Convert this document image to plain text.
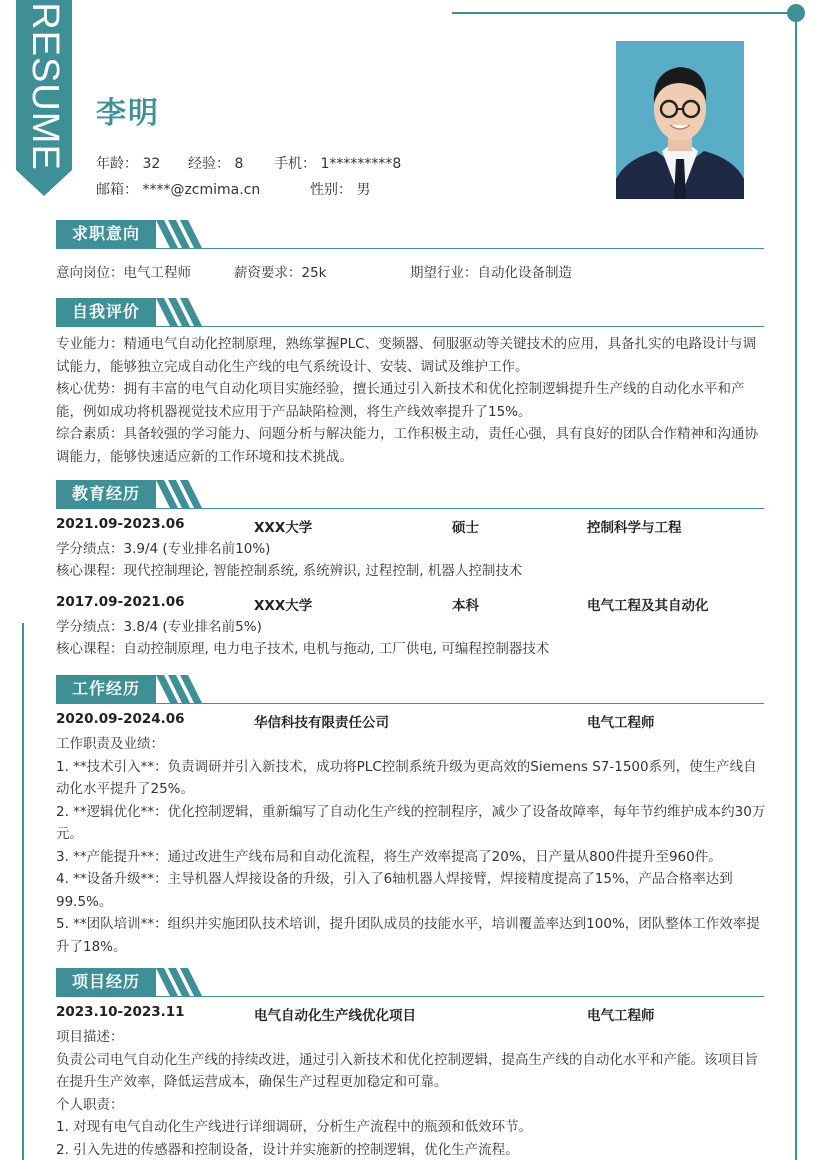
RESUME 李明
年龄： 32 经验： 8 手机： 1*********8
邮箱： ****@zcmima.cn	性别： 男
求职意向
意向岗位：电气工程师	薪资要求：25k	期望行业：自动化设备制造
自我评价

专业能力：精通电气自动化控制原理，熟练掌握PLC、变频器、伺服驱动等关键技术的应用，具备扎实的电路设计与调试能力，能够独立完成自动化生产线的电气系统设计、安装、调试及维护工作。

核心优势：拥有丰富的电气自动化项目实施经验，擅长通过引入新技术和优化控制逻辑提升生产线的自动化水平和产能，例如成功将机器视觉技术应用于产品缺陷检测，将生产线效率提升了15%。

综合素质：具备较强的学习能力、问题分析与解决能力，工作积极主动，责任心强，具有良好的团队合作精神和沟通协调能力，能够快速适应新的工作环境和技术挑战。

教育经历
2021.09-2023.06	XXX大学	硕士	控制科学与工程
学分绩点：3.9/4 (专业排名前10%)
核心课程：现代控制理论, 智能控制系统, 系统辨识, 过程控制, 机器人控制技术
2017.09-2021.06	XXX大学	本科	电气工程及其自动化
学分绩点：3.8/4 (专业排名前5%)
核心课程：自动控制原理, 电力电子技术, 电机与拖动, 工厂供电, 可编程控制器技术
工作经历
2020.09-2024.06	华信科技有限责任公司	电气工程师

工作职责及业绩：

1. **技术引入**：负责调研并引入新技术，成功将PLC控制系统升级为更高效的Siemens S7-1500系列，使生产线自动化水平提升了25%。

2. **逻辑优化**：优化控制逻辑，重新编写了自动化生产线的控制程序，减少了设备故障率，每年节约维护成本约30万元。

3. **产能提升**：通过改进生产线布局和自动化流程，将生产效率提高了20%，日产量从800件提升至960件。

4. **设备升级**：主导机器人焊接设备的升级，引入了6轴机器人焊接臂，焊接精度提高了15%，产品合格率达到99.5%。

5. **团队培训**：组织并实施团队技术培训，提升团队成员的技能水平，培训覆盖率达到100%，团队整体工作效率提升了18%。

项目经历
2023.10-2023.11	电气自动化生产线优化项目	电气工程师

项目描述：

负责公司电气自动化生产线的持续改进，通过引入新技术和优化控制逻辑，提高生产线的自动化水平和产能。该项目旨在提升生产效率，降低运营成本，确保生产过程更加稳定和可靠。

个人职责：

1. 对现有电气自动化生产线进行详细调研，分析生产流程中的瓶颈和低效环节。

2. 引入先进的传感器和控制设备，设计并实施新的控制逻辑，优化生产流程。
